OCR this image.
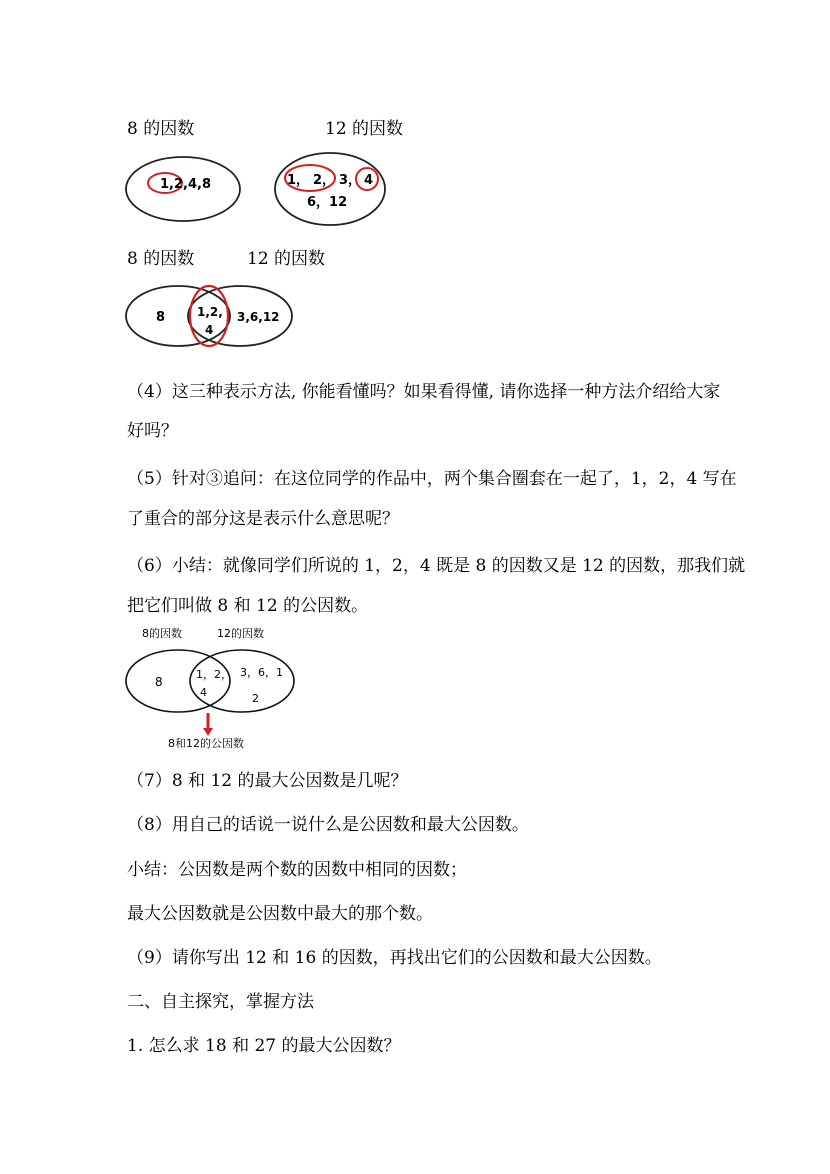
8 的因数	12 的因数
1,2,4,8	1， 2， 3， 4
6，12
8 的因数	12 的因数
8	1,2,
4
3,6,12
（4）这三种表示方法, 你能看懂吗？如果看得懂, 请你选择一种方法介绍给大家
好吗？
（5）针对③追问：在这位同学的作品中，两个集合圈套在一起了，1，2，4 写在
了重合的部分这是表示什么意思呢？
（6）小结：就像同学们所说的 1，2，4 既是 8 的因数又是 12 的因数，那我们就
把它们叫做 8 和 12 的公因数。
8的因数	12的因数
8
1，2，
4
3，6，1
2
8和12的公因数
（7）8 和 12 的最大公因数是几呢？
（8）用自己的话说一说什么是公因数和最大公因数。
小结：公因数是两个数的因数中相同的因数；
最大公因数就是公因数中最大的那个数。
（9）请你写出 12 和 16 的因数，再找出它们的公因数和最大公因数。
二、自主探究，掌握方法
1. 怎么求 18 和 27 的最大公因数？
